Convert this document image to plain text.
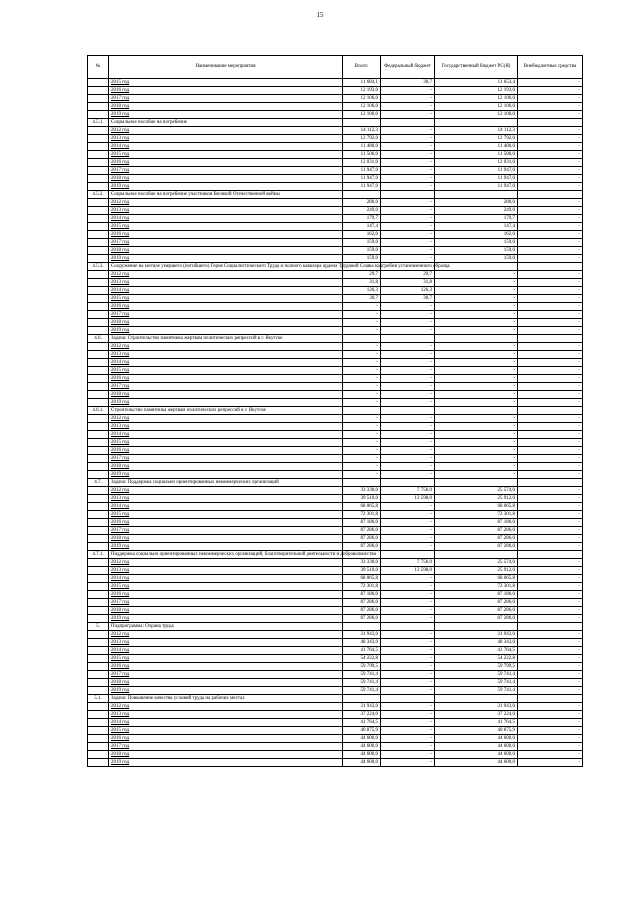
15
№	Наименование мероприятия	Всего:	Федеральный бюджет	Государственный бюджет РС(Я)	Внебюджетные средства
	2015 год	11 684,1	30,7	11 653,4	-
	2016 год	12 193,0	-	12 193,0	-
	2017 год	12 106,0	-	12 106,0	-
	2018 год	12 106,0	-	12 106,0	-
	2019 год	12 106,0	-	12 106,0	-
4.5.1.	Социальное пособие на погребение				
	2012 год	14 112,3	-	14 112,3	-
	2013 год	12 792,0	-	12 792,0	-
	2014 год	11 480,0	-	11 480,0	-
	2015 год	11 506,0	-	11 506,0	-
	2016 год	12 031,0	-	12 031,0	-
	2017 год	11 947,0	-	11 947,0	-
	2018 год	11 947,0	-	11 947,0	-
	2019 год	11 947,0	-	11 947,0	-
4.5.2.	Социальное пособие на погребение участников Великой Отечественной войны				
	2012 год	280,0	-	280,0	-
	2013 год	249,0	-	249,0	-
	2014 год	179,7	-	179,7	-
	2015 год	147,4	-	147,4	-
	2016 год	162,0	-	162,0	-
	2017 год	159,0	-	159,0	-
	2018 год	159,0	-	159,0	-
	2019 год	159,0	-	159,0	-
4.5.3.	Сооружение на могиле умершего (погибшего) Героя Социалистического Труда и полного кавалера ордена Трудовой Славы надгробия установленного образца				
	2012 год	29,7	29,7	-	-
	2013 год	31,8	31,8	-	-
	2014 год	126,3	126,3	-	-
	2015 год	30,7	30,7	-	-
	2016 год	-	-	-	-
	2017 год	-	-	-	-
	2018 год	-	-	-	-
	2019 год	-	-	-	-
4.6.	Задача: Строительство памятника жертвам политических репрессий в г. Якутске				
	2012 год	-	-	-	-
	2013 год	-	-	-	-
	2014 год	-	-	-	-
	2015 год	-	-	-	-
	2016 год	-	-	-	-
	2017 год	-	-	-	-
	2018 год	-	-	-	-
	2019 год	-	-	-	-
4.6.1.	Строительство памятника жертвам политических репрессий в г. Якутске				
	2012 год	-	-	-	-
	2013 год	-	-	-	-
	2014 год	-	-	-	-
	2015 год	-	-	-	-
	2016 год	-	-	-	-
	2017 год	-	-	-	-
	2018 год	-	-	-	-
	2019 год	-	-	-	-
4.7.	Задача: Поддержка социально ориентированных некоммерческих организаций				
	2012 год	33 330,0	7 756,0	25 574,0	-
	2013 год	39 510,0	13 598,0	25 912,0	-
	2014 год	68 065,8	-	68 065,8	-
	2015 год	72 301,8	-	72 301,8	-
	2016 год	87 186,0	-	87 186,0	-
	2017 год	87 286,0	-	87 286,0	-
	2018 год	87 286,0	-	87 286,0	-
	2019 год	87 286,0	-	87 286,0	-
4.7.1.	Поддержка социально ориентированных некоммерческих организаций, благотворительной деятельности и добровольчества				
	2012 год	33 330,0	7 756,0	25 574,0	-
	2013 год	39 510,0	13 598,0	25 912,0	-
	2014 год	68 065,8	-	68 065,8	-
	2015 год	72 301,8	-	72 301,8	-
	2016 год	87 186,0	-	87 186,0	-
	2017 год	87 286,0	-	87 286,0	-
	2018 год	87 286,0	-	87 286,0	-
	2019 год	87 286,0	-	87 286,0	-
5.	Подпрограмма: Охрана труда				
	2012 год	31 943,0	-	31 943,0	-
	2013 год	48 343,0	-	48 343,0	-
	2014 год	41 764,5	-	41 764,5	-
	2015 год	54 222,8	-	54 222,8	-
	2016 год	59 799,5	-	59 799,5	-
	2017 год	59 741,4	-	59 741,4	-
	2018 год	59 741,4	-	59 741,4	-
	2019 год	59 741,4	-	59 741,4	-
5.1.	Задача: Повышение качества условий труда на рабочих местах				
	2012 год	31 943,0	-	31 943,0	-
	2013 год	37 224,0	-	37 224,0	-
	2014 год	41 764,5	-	41 764,5	-
	2015 год	40 875,9	-	40 875,9	-
	2016 год	44 600,0	-	44 600,0	-
	2017 год	44 600,0	-	44 600,0	-
	2018 год	44 600,0	-	44 600,0	-
	2019 год	44 600,0	-	44 600,0	-
